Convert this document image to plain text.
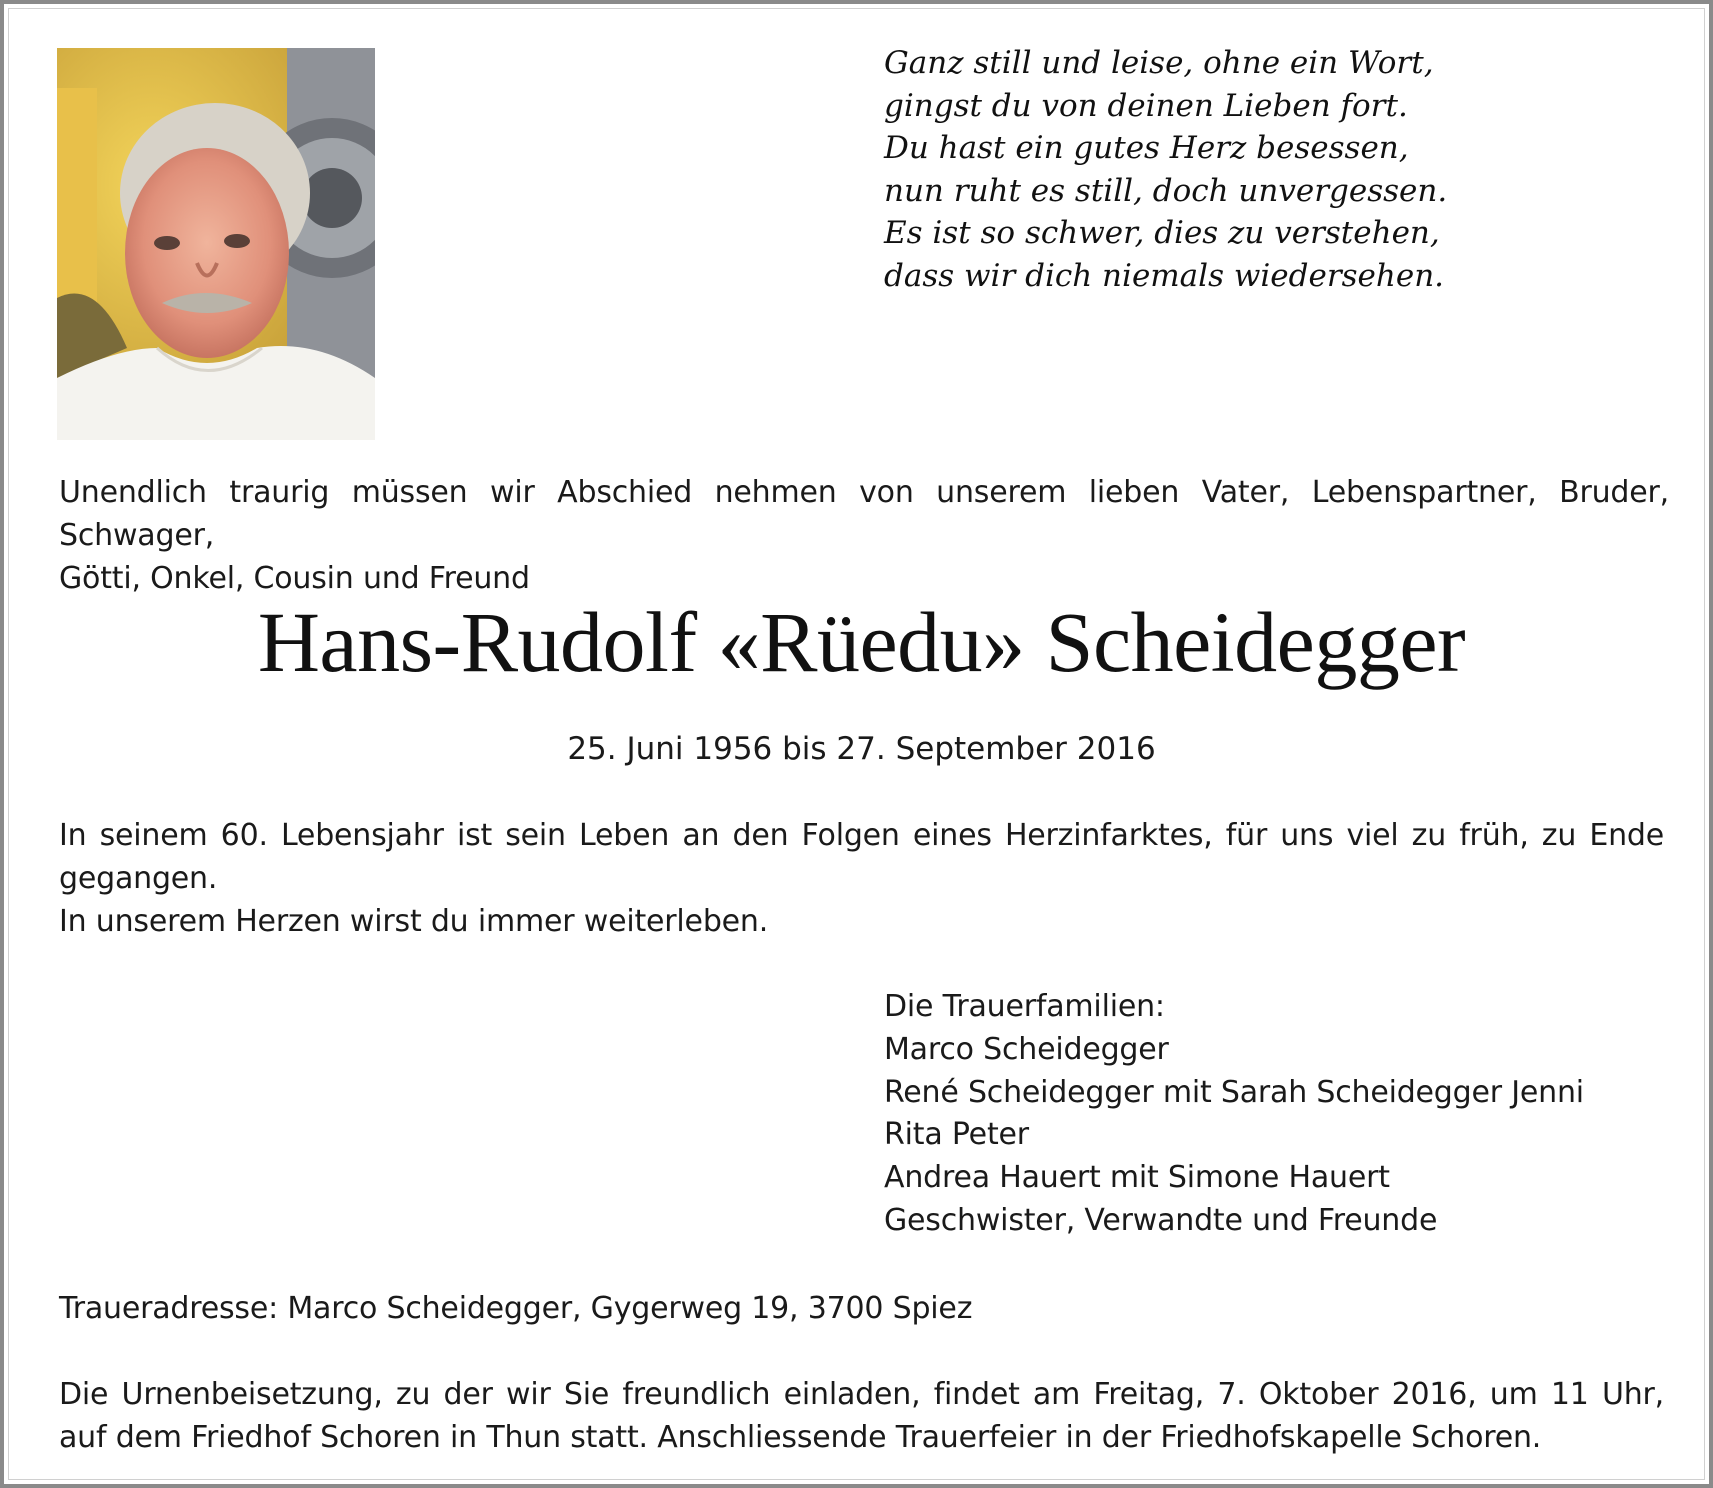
Ganz still und leise, ohne ein Wort,
gingst du von deinen Lieben fort.
Du hast ein gutes Herz besessen,
nun ruht es still, doch unvergessen.
Es ist so schwer, dies zu verstehen,
dass wir dich niemals wiedersehen.
Unendlich traurig müssen wir Abschied nehmen von unserem lieben Vater, Lebenspartner, Bruder, Schwager,
Götti, Onkel, Cousin und Freund
Hans-Rudolf «Rüedu» Scheidegger
25. Juni 1956 bis 27. September 2016
In seinem 60. Lebensjahr ist sein Leben an den Folgen eines Herzinfarktes, für uns viel zu früh, zu Ende
gegangen.
In unserem Herzen wirst du immer weiterleben.
Die Trauerfamilien:
Marco Scheidegger
René Scheidegger mit Sarah Scheidegger Jenni
Rita Peter
Andrea Hauert mit Simone Hauert
Geschwister, Verwandte und Freunde
Traueradresse: Marco Scheidegger, Gygerweg 19, 3700 Spiez
Die Urnenbeisetzung, zu der wir Sie freundlich einladen, findet am Freitag, 7. Oktober 2016, um 11 Uhr,
auf dem Friedhof Schoren in Thun statt. Anschliessende Trauerfeier in der Friedhofskapelle Schoren.
